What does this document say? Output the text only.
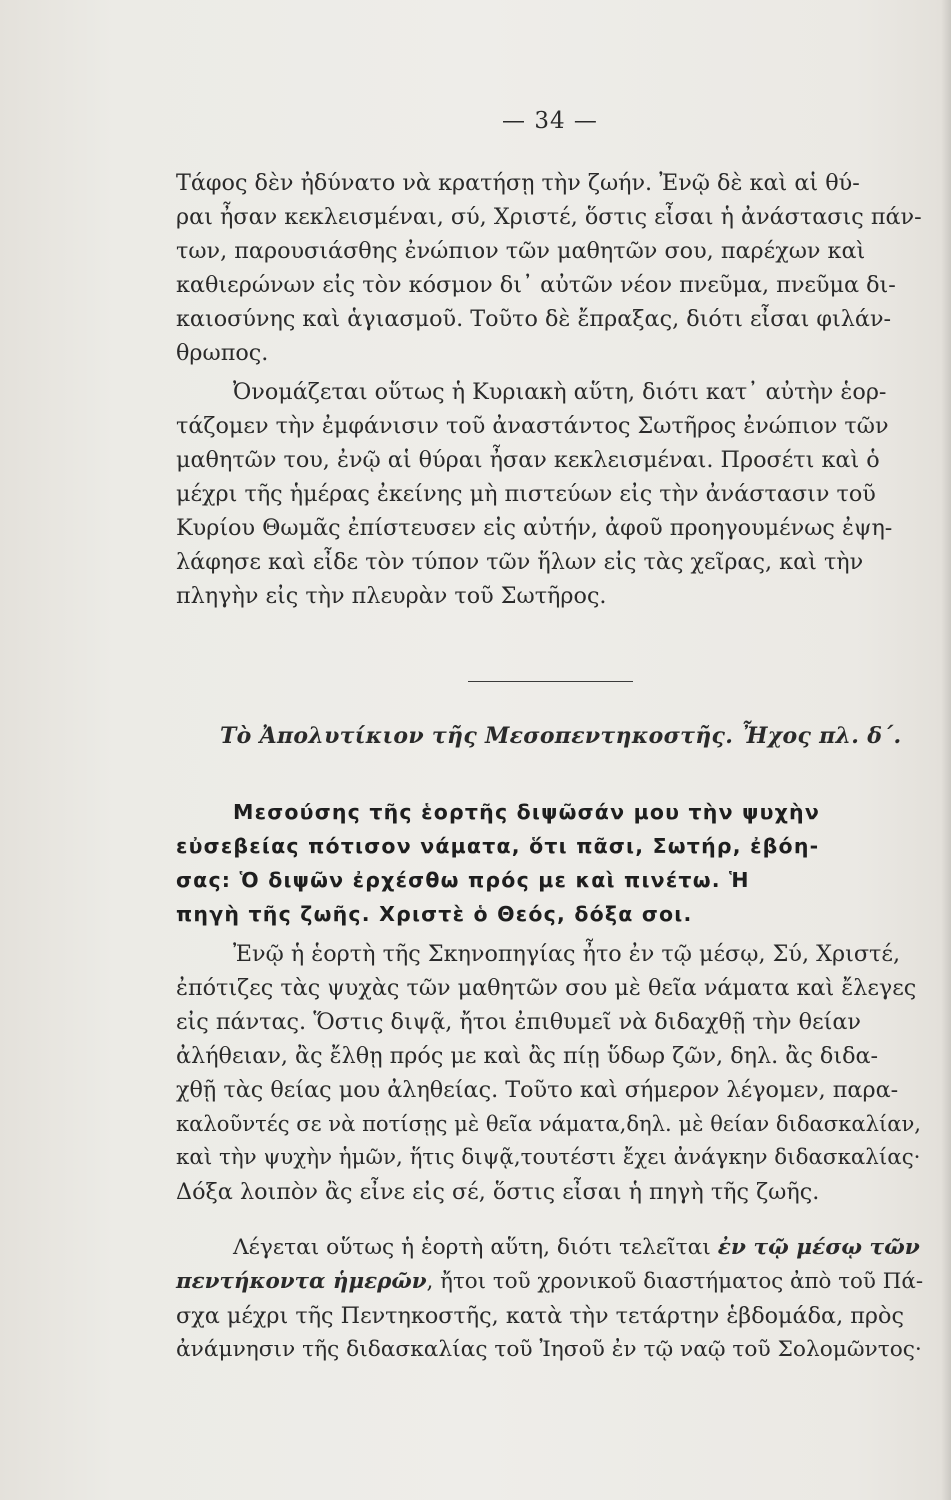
— 34 —
Τάφος δὲν ἠδύνατο νὰ κρατήσῃ τὴν ζωήν. Ἐνῷ δὲ καὶ αἱ θύ-
ραι ἦσαν κεκλεισμέναι, σύ, Χριστέ, ὅστις εἶσαι ἡ ἀνάστασις πάν-
των, παρουσιάσθης ἐνώπιον τῶν μαθητῶν σου, παρέχων καὶ
καθιερώνων εἰς τὸν κόσμον δι᾿ αὐτῶν νέον πνεῦμα, πνεῦμα δι-
καιοσύνης καὶ ἁγιασμοῦ. Τοῦτο δὲ ἔπραξας, διότι εἶσαι φιλάν-
θρωπος.
Ὀνομάζεται οὕτως ἡ Κυριακὴ αὕτη, διότι κατ᾿ αὐτὴν ἑορ-
τάζομεν τὴν ἐμφάνισιν τοῦ ἀναστάντος Σωτῆρος ἐνώπιον τῶν
μαθητῶν του, ἐνῷ αἱ θύραι ἦσαν κεκλεισμέναι. Προσέτι καὶ ὁ
μέχρι τῆς ἡμέρας ἐκείνης μὴ πιστεύων εἰς τὴν ἀνάστασιν τοῦ
Κυρίου Θωμᾶς ἐπίστευσεν εἰς αὐτήν, ἀφοῦ προηγουμένως ἐψη-
λάφησε καὶ εἶδε τὸν τύπον τῶν ἥλων εἰς τὰς χεῖρας, καὶ τὴν
πληγὴν εἰς τὴν πλευρὰν τοῦ Σωτῆρος.
Τὸ Ἀπολυτίκιον τῆς Μεσοπεντηκοστῆς. Ἦχος πλ. δ΄.
Μεσούσης τῆς ἑορτῆς διψῶσάν μου τὴν ψυχὴν
εὐσεβείας πότισον νάματα, ὅτι πᾶσι, Σωτήρ, ἐβόη-
σας: Ὁ διψῶν ἐρχέσθω πρός με καὶ πινέτω. Ἡ
πηγὴ τῆς ζωῆς. Χριστὲ ὁ Θεός, δόξα σοι.
Ἐνῷ ἡ ἑορτὴ τῆς Σκηνοπηγίας ἦτο ἐν τῷ μέσῳ, Σύ, Χριστέ,
ἐπότιζες τὰς ψυχὰς τῶν μαθητῶν σου μὲ θεῖα νάματα καὶ ἔλεγες
εἰς πάντας. Ὅστις διψᾷ, ἤτοι ἐπιθυμεῖ νὰ διδαχθῇ τὴν θείαν
ἀλήθειαν, ἂς ἔλθῃ πρός με καὶ ἂς πίῃ ὕδωρ ζῶν, δηλ. ἂς διδα-
χθῇ τὰς θείας μου ἀληθείας. Τοῦτο καὶ σήμερον λέγομεν, παρα-
καλοῦντές σε νὰ ποτίσῃς μὲ θεῖα νάματα,δηλ. μὲ θείαν διδασκαλίαν,
καὶ τὴν ψυχὴν ἡμῶν, ἥτις διψᾷ,τουτέστι ἔχει ἀνάγκην διδασκαλίας·
Δόξα λοιπὸν ἂς εἶνε εἰς σέ, ὅστις εἶσαι ἡ πηγὴ τῆς ζωῆς.
Λέγεται οὕτως ἡ ἑορτὴ αὕτη, διότι τελεῖται ἐν τῷ μέσῳ τῶν
πεντήκοντα ἡμερῶν, ἤτοι τοῦ χρονικοῦ διαστήματος ἀπὸ τοῦ Πά-
σχα μέχρι τῆς Πεντηκοστῆς, κατὰ τὴν τετάρτην ἑβδομάδα, πρὸς
ἀνάμνησιν τῆς διδασκαλίας τοῦ Ἰησοῦ ἐν τῷ ναῷ τοῦ Σολομῶντος·
